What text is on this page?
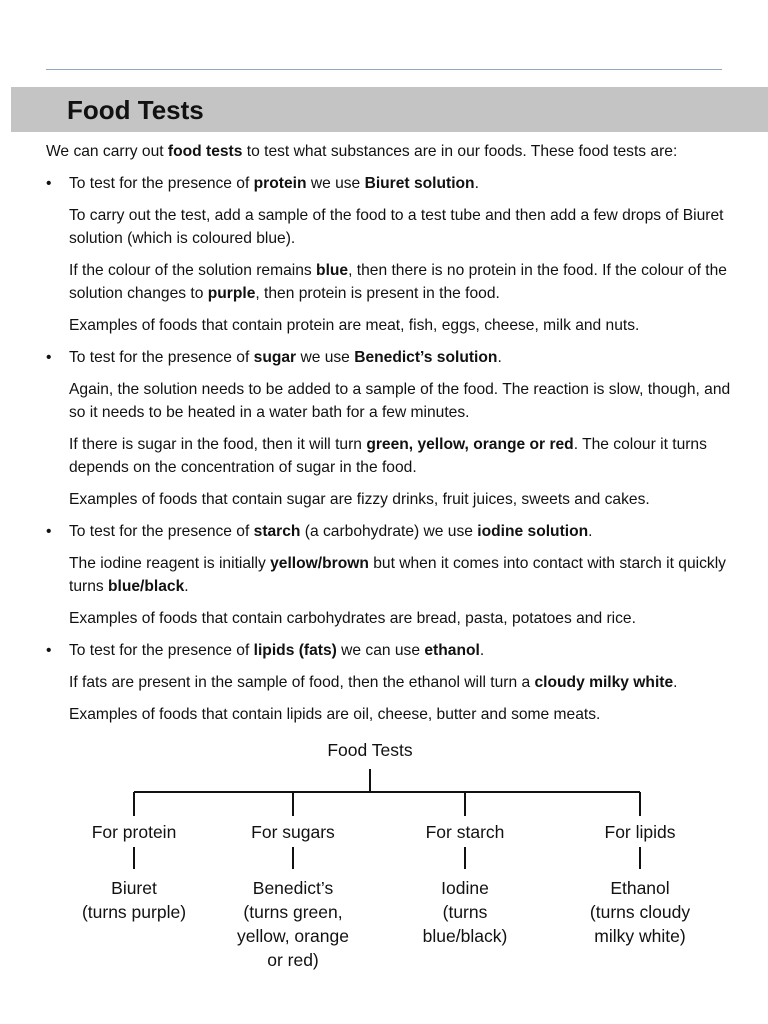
Food Tests

We can carry out food tests to test what substances are in our foods. These food tests are:

• To test for the presence of protein we use Biuret solution.

To carry out the test, add a sample of the food to a test tube and then add a few drops of Biuret solution (which is coloured blue).

If the colour of the solution remains blue, then there is no protein in the food. If the colour of the solution changes to purple, then protein is present in the food.

Examples of foods that contain protein are meat, fish, eggs, cheese, milk and nuts.

• To test for the presence of sugar we use Benedict’s solution.

Again, the solution needs to be added to a sample of the food. The reaction is slow, though, and so it needs to be heated in a water bath for a few minutes.

If there is sugar in the food, then it will turn green, yellow, orange or red. The colour it turns depends on the concentration of sugar in the food.

Examples of foods that contain sugar are fizzy drinks, fruit juices, sweets and cakes.

• To test for the presence of starch (a carbohydrate) we use iodine solution.

The iodine reagent is initially yellow/brown but when it comes into contact with starch it quickly turns blue/black.

Examples of foods that contain carbohydrates are bread, pasta, potatoes and rice.

• To test for the presence of lipids (fats) we can use ethanol.

If fats are present in the sample of food, then the ethanol will turn a cloudy milky white.

Examples of foods that contain lipids are oil, cheese, butter and some meats.

Food Tests
For protein
Biuret
(turns purple)
For sugars
Benedict’s
(turns green,
yellow, orange
or red)
For starch
Iodine
(turns
blue/black)
For lipids
Ethanol
(turns cloudy
milky white)
